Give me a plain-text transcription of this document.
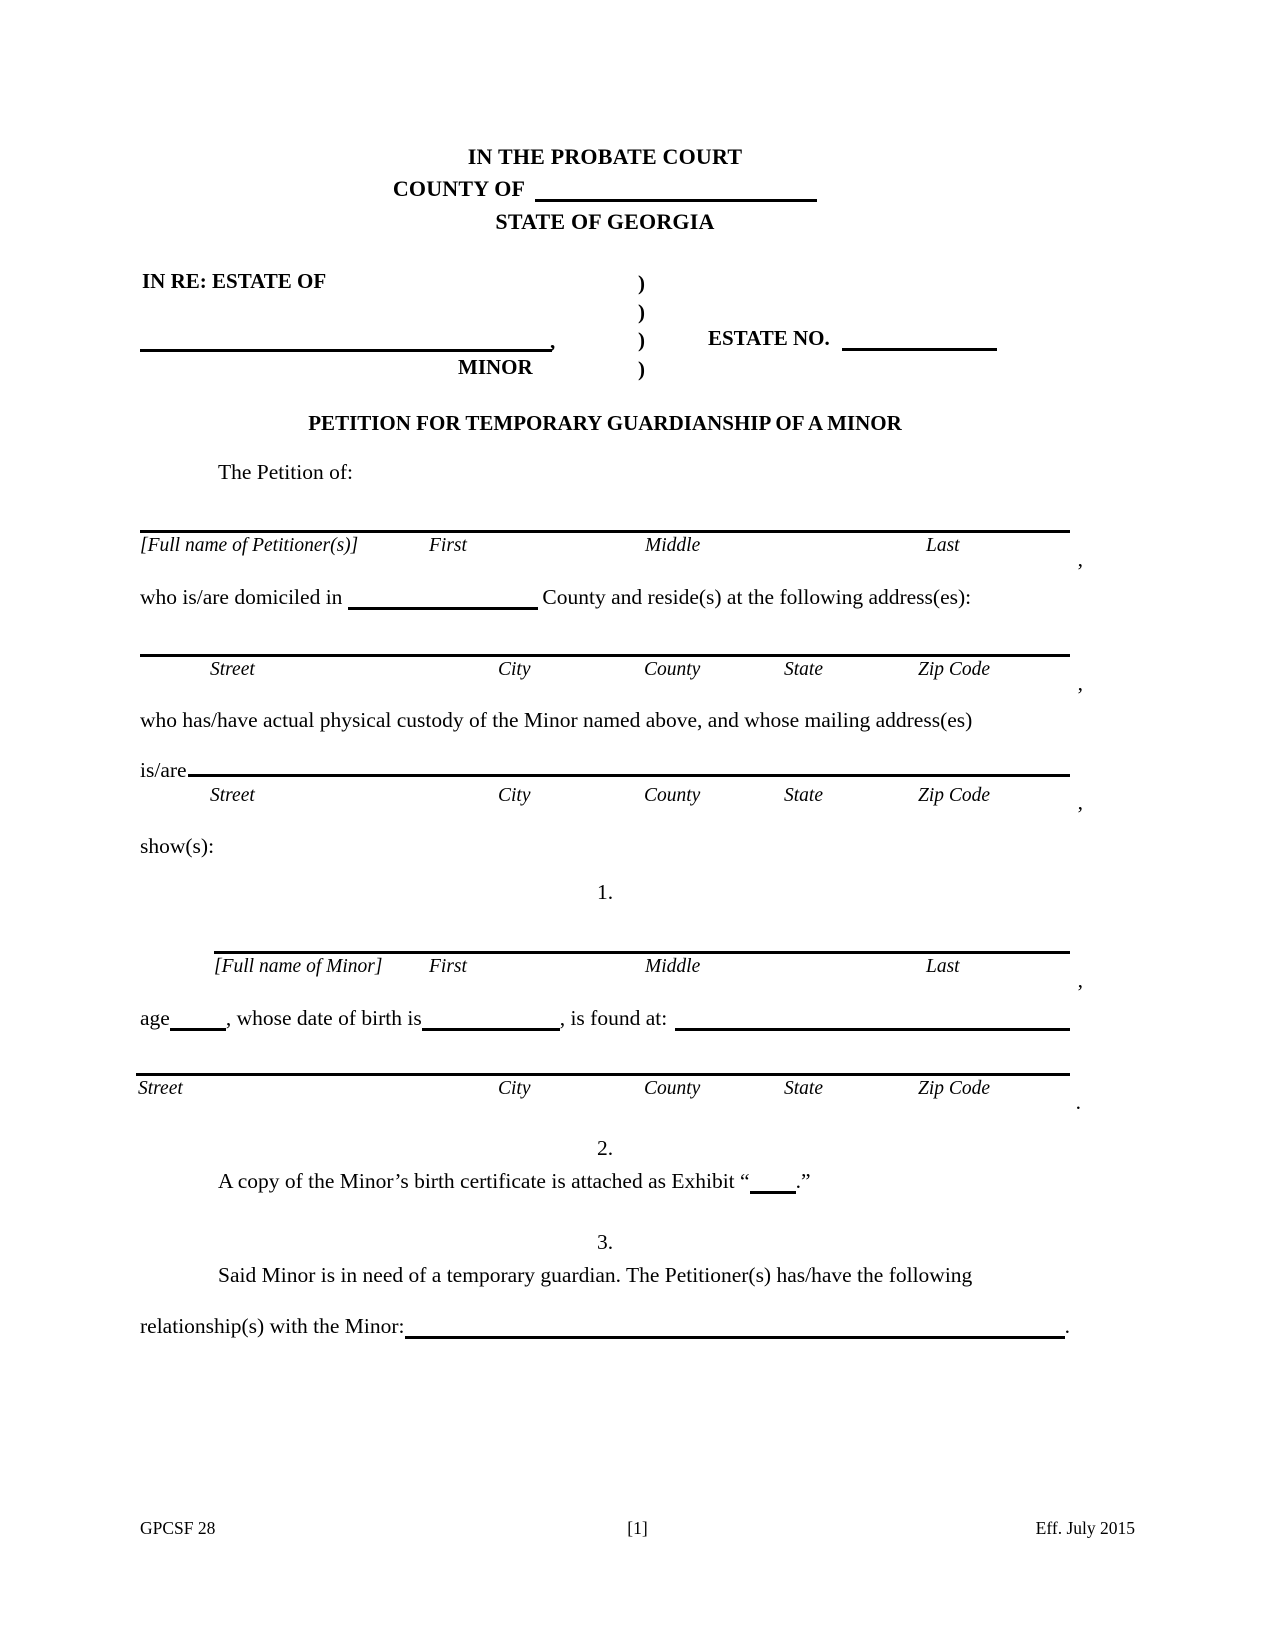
IN THE PROBATE COURT
COUNTY OF
STATE OF GEORGIA
IN RE: ESTATE OF	)
)
)
)
,
MINOR
ESTATE NO.
PETITION FOR TEMPORARY GUARDIANSHIP OF A MINOR
The Petition of:
,
[Full name of Petitioner(s)]	First	Middle	Last
who is/are domiciled in	County and reside(s) at the following address(es):
,
Street	City	County	State	Zip Code
who has/have actual physical custody of the Minor named above, and whose mailing address(es)
is/are
,
Street	City	County	State	Zip Code
show(s):
1.
,
[Full name of Minor] First	Middle	Last
age	, whose date of birth is	, is found at:
.
Street	City	County	State	Zip Code
2.
A copy of the Minor’s birth certificate is attached as Exhibit “ .”
3.
Said Minor is in need of a temporary guardian. The Petitioner(s) has/have the following
relationship(s) with the Minor:	.
GPCSF 28	[1]	Eff. July 2015
